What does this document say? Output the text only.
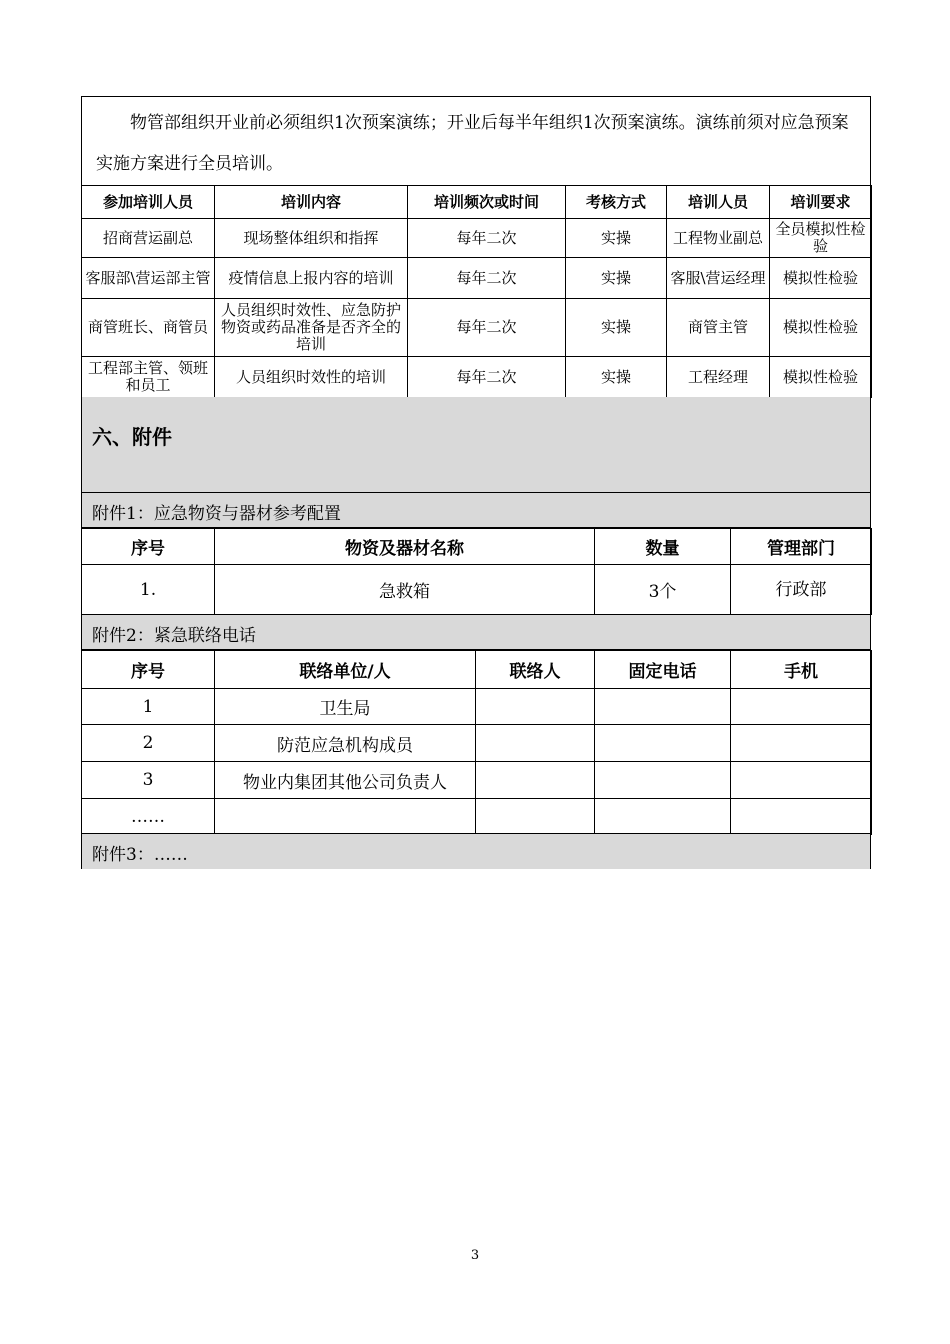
物管部组织开业前必须组织1次预案演练；开业后每半年组织1次预案演练。演练前须对应急预案实施方案进行全员培训。
参加培训人员	培训内容	培训频次或时间	考核方式	培训人员	培训要求
招商营运副总	现场整体组织和指挥	每年二次	实操	工程物业副总	全员模拟性检验
客服部\营运部主管	疫情信息上报内容的培训	每年二次	实操	客服\营运经理	模拟性检验
商管班长、商管员	人员组织时效性、应急防护物资或药品准备是否齐全的培训	每年二次	实操	商管主管	模拟性检验
工程部主管、领班和员工	人员组织时效性的培训	每年二次	实操	工程经理	模拟性检验
六、附件
附件1：应急物资与器材参考配置
序号	物资及器材名称	数量	管理部门
1.	急救箱	3个	行政部
附件2：紧急联络电话
序号	联络单位/人	联络人	固定电话	手机
1	卫生局			
2	防范应急机构成员			
3	物业内集团其他公司负责人			
……				
附件3：……
3
